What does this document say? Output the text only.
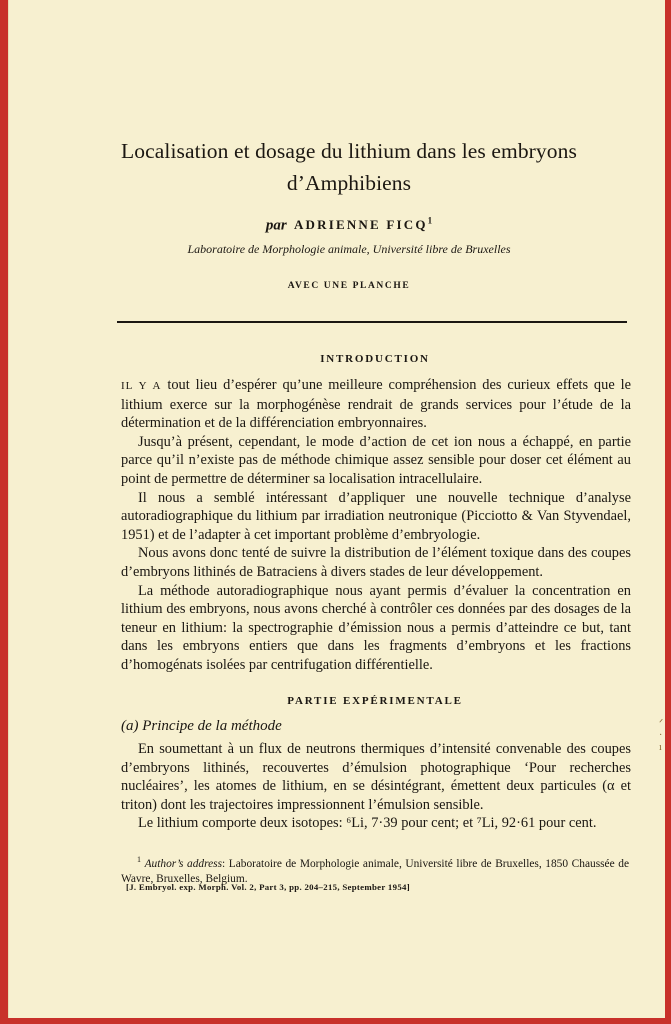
Localisation et dosage du lithium dans les embryons
d’Amphibiens
par ADRIENNE FICQ$^1$
Laboratoire de Morphologie animale, Université libre de Bruxelles
AVEC UNE PLANCHE
INTRODUCTION

IL Y A tout lieu d’espérer qu’une meilleure compréhension des curieux effets que le lithium exerce sur la morphogénèse rendrait de grands services pour l’étude de la détermination et de la différenciation embryonnaires.

Jusqu’à présent, cependant, le mode d’action de cet ion nous a échappé, en partie parce qu’il n’existe pas de méthode chimique assez sensible pour doser cet élément au point de permettre de déterminer sa localisation intracellulaire.

Il nous a semblé intéressant d’appliquer une nouvelle technique d’analyse autoradiographique du lithium par irradiation neutronique (Picciotto & Van Styvendael, 1951) et de l’adapter à cet important problème d’embryologie.

Nous avons donc tenté de suivre la distribution de l’élément toxique dans des coupes d’embryons lithinés de Batraciens à divers stades de leur développement.

La méthode autoradiographique nous ayant permis d’évaluer la concentration en lithium des embryons, nous avons cherché à contrôler ces données par des dosages de la teneur en lithium: la spectrographie d’émission nous a permis d’atteindre ce but, tant dans les embryons entiers que dans les fragments d’embryons et les fractions d’homogénats isolées par centrifugation différentielle.

PARTIE EXPÉRIMENTALE
(a) Principe de la méthode

En soumettant à un flux de neutrons thermiques d’intensité convenable des coupes d’embryons lithinés, recouvertes d’émulsion photographique ‘Pour recherches nucléaires’, les atomes de lithium, en se désintégrant, émettent deux particules (α et triton) dont les trajectoires impressionnent l’émulsion sensible.

Le lithium comporte deux isotopes: ⁶Li, 7·39 pour cent; et ⁷Li, 92·61 pour cent.

$^1$ Author’s address: Laboratoire de Morphologie animale, Université libre de Bruxelles, 1850 Chaussée de Wavre, Bruxelles, Belgium.

[J. Embryol. exp. Morph. Vol. 2, Part 3, pp. 204–215, September 1954]
ᐟ
·
ı
